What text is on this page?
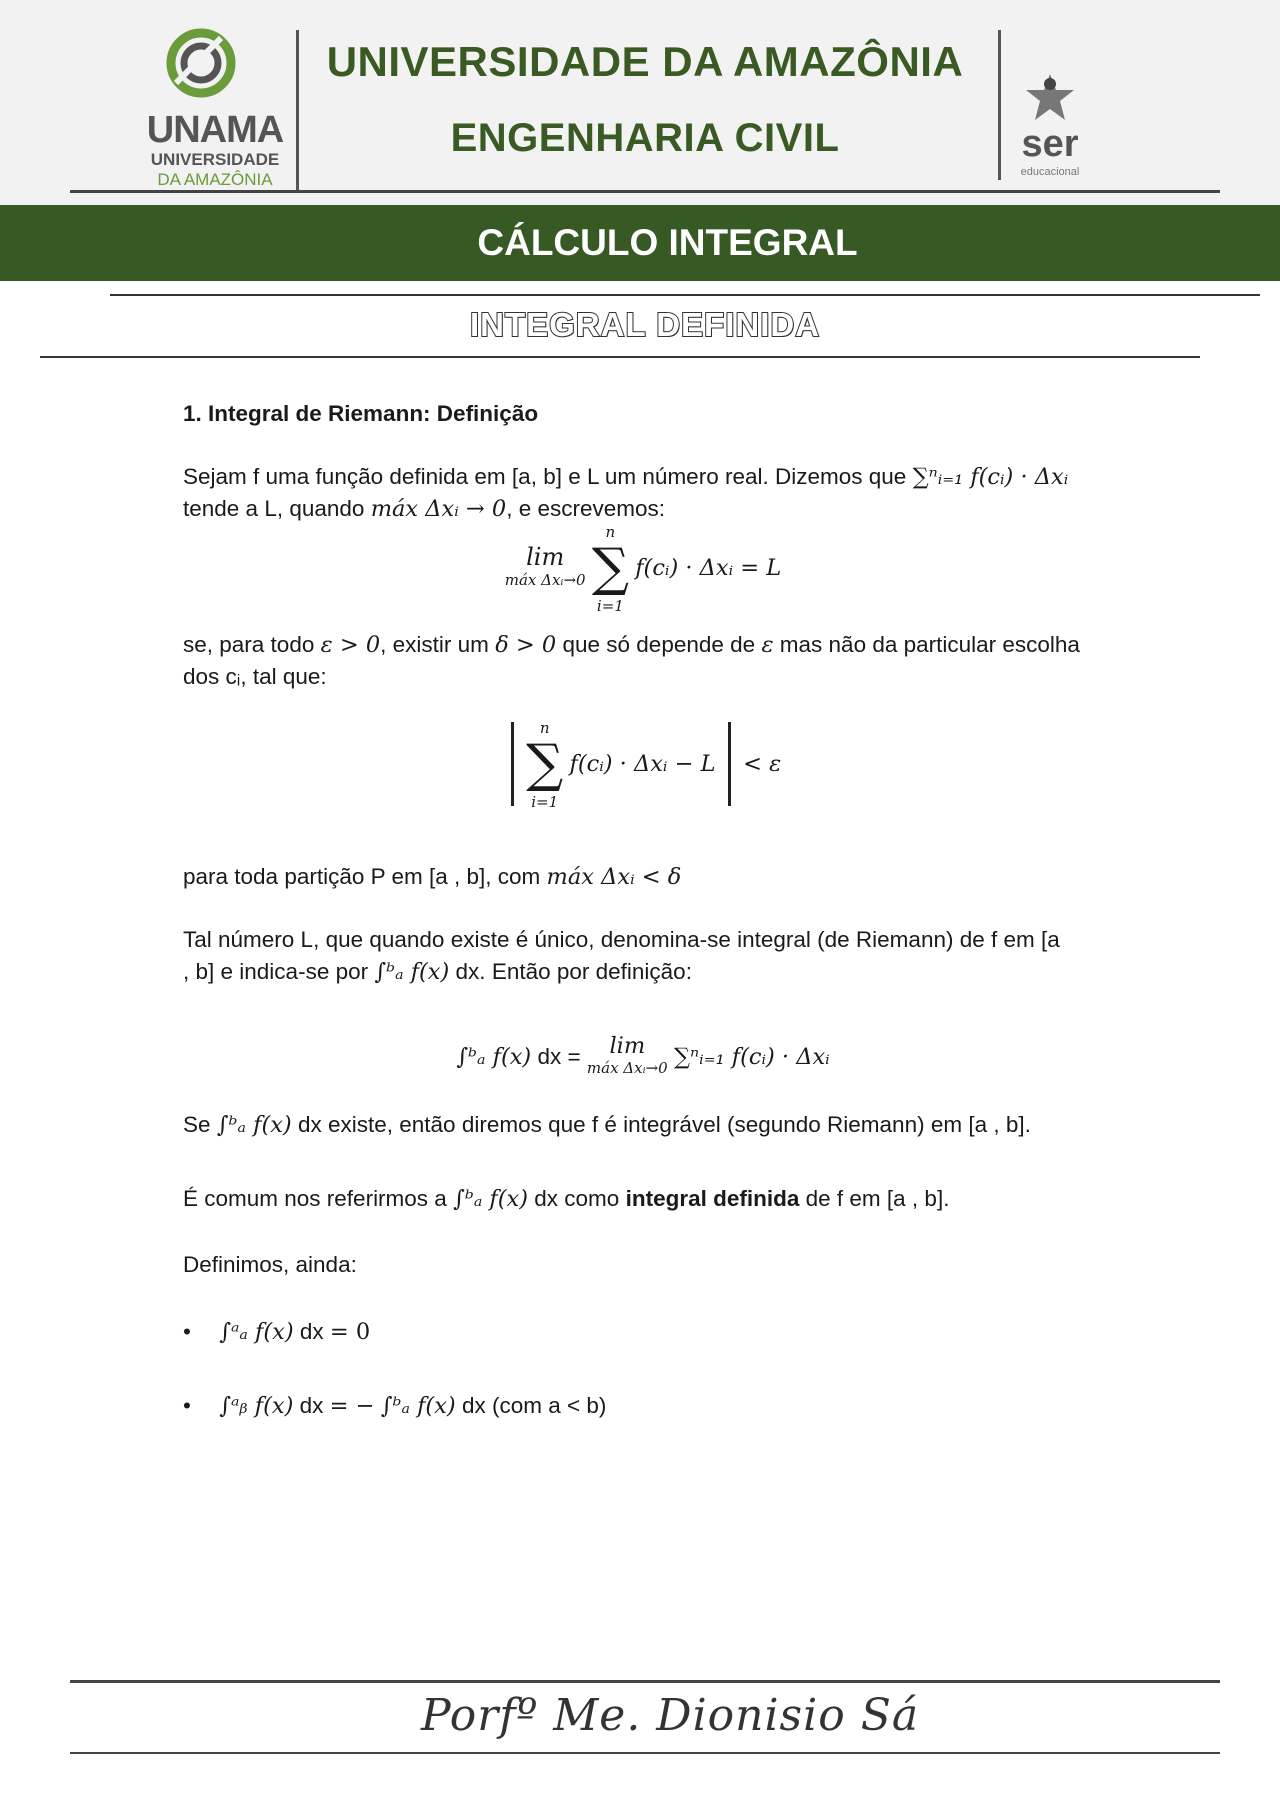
UNAMA
UNIVERSIDADE
DA AMAZÔNIA
UNIVERSIDADE DA AMAZÔNIA
ENGENHARIA CIVIL	ser
educacional
CÁLCULO INTEGRAL
INTEGRAL DEFINIDA
1. Integral de Riemann: Definição
Sejam f uma função definida em [a, b] e L um número real. Dizemos que ∑ⁿᵢ₌₁ f(cᵢ) · Δxᵢ
tende a L, quando máx Δxᵢ → 0, e escrevemos:
lim
máx Δxᵢ→0 n
∑
i=1 f(cᵢ) · Δxᵢ = L
se, para todo ε > 0, existir um δ > 0 que só depende de ε mas não da particular escolha
dos cᵢ, tal que:
n
∑
i=1 f(cᵢ) · Δxᵢ − L < ε
para toda partição P em [a , b], com máx Δxᵢ < δ
Tal número L, que quando existe é único, denomina-se integral (de Riemann) de f em [a
, b] e indica-se por ∫ᵇₐ f(x) dx. Então por definição:
∫ᵇₐ f(x) dx = lim
máx Δxᵢ→0 ∑ⁿᵢ₌₁ f(cᵢ) · Δxᵢ
Se ∫ᵇₐ f(x) dx existe, então diremos que f é integrável (segundo Riemann) em [a , b].
É comum nos referirmos a ∫ᵇₐ f(x) dx como integral definida de f em [a , b].
Definimos, ainda:
• ∫ᵃₐ f(x) dx = 0
• ∫ᵃᵦ f(x) dx = − ∫ᵇₐ f(x) dx (com a < b)
Porfº Me. Dionisio Sá
